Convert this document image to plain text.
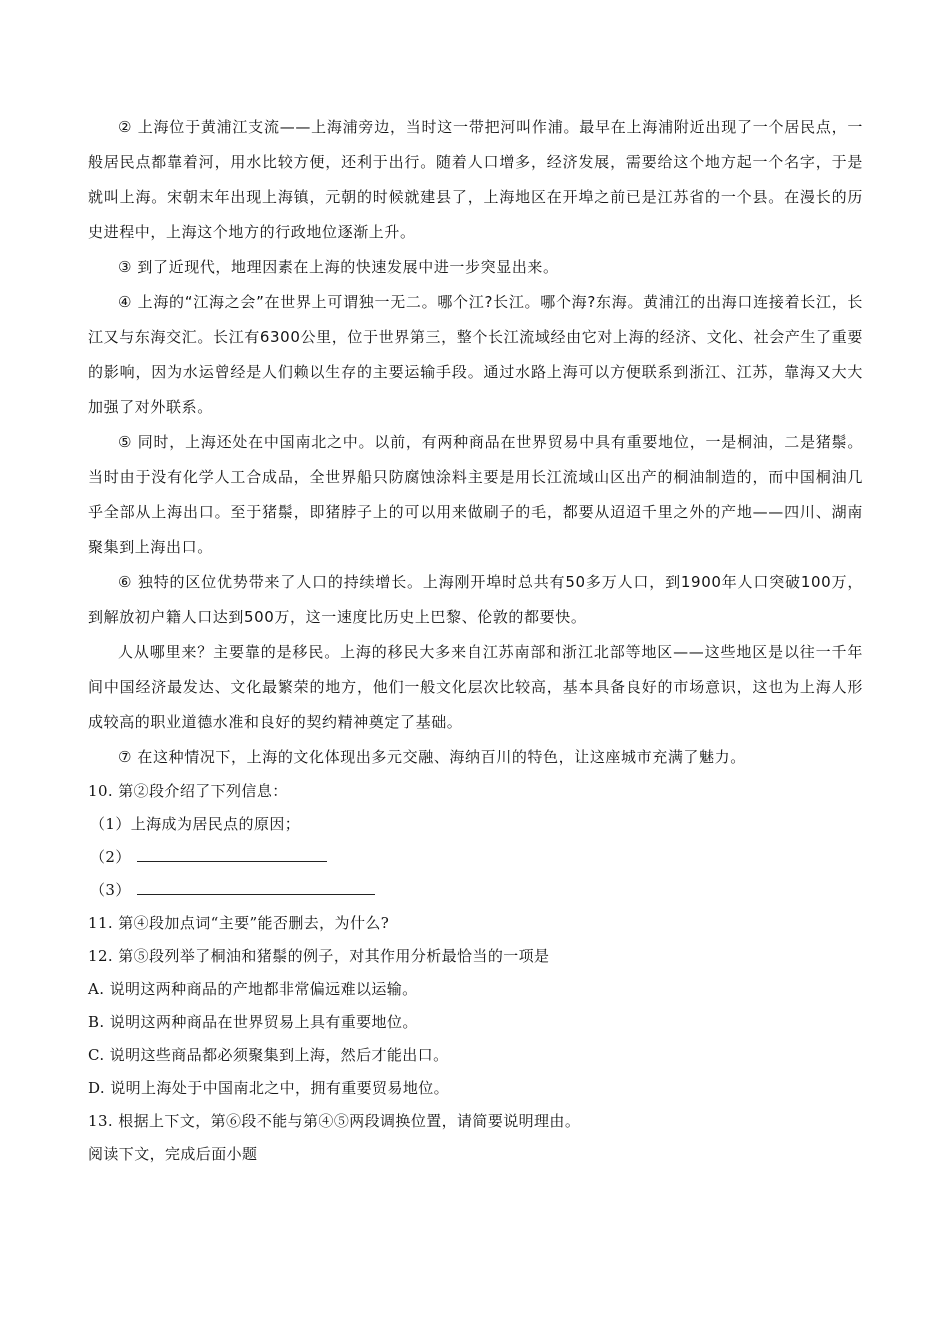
② 上海位于黄浦江支流——上海浦旁边，当时这一带把河叫作浦。最早在上海浦附近出现了一个居民点，一般居民点都靠着河，用水比较方便，还利于出行。随着人口增多，经济发展，需要给这个地方起一个名字，于是就叫上海。宋朝末年出现上海镇，元朝的时候就建县了，上海地区在开埠之前已是江苏省的一个县。在漫长的历史进程中，上海这个地方的行政地位逐渐上升。

③ 到了近现代，地理因素在上海的快速发展中进一步突显出来。

④ 上海的“江海之会”在世界上可谓独一无二。哪个江?长江。哪个海?东海。黄浦江的出海口连接着长江，长江又与东海交汇。长江有6300公里，位于世界第三，整个长江流域经由它对上海的经济、文化、社会产生了重要的影响，因为水运曾经是人们赖以生存的主要运输手段。通过水路上海可以方便联系到浙江、江苏，靠海又大大加强了对外联系。

⑤ 同时，上海还处在中国南北之中。以前，有两种商品在世界贸易中具有重要地位，一是桐油，二是猪鬃。当时由于没有化学人工合成品，全世界船只防腐蚀涂料主要是用长江流域山区出产的桐油制造的，而中国桐油几乎全部从上海出口。至于猪鬃，即猪脖子上的可以用来做刷子的毛，都要从迢迢千里之外的产地——四川、湖南聚集到上海出口。

⑥ 独特的区位优势带来了人口的持续增长。上海刚开埠时总共有50多万人口，到1900年人口突破100万，到解放初户籍人口达到500万，这一速度比历史上巴黎、伦敦的都要快。

人从哪里来？主要靠的是移民。上海的移民大多来自江苏南部和浙江北部等地区——这些地区是以往一千年间中国经济最发达、文化最繁荣的地方，他们一般文化层次比较高，基本具备良好的市场意识，这也为上海人形成较高的职业道德水准和良好的契约精神奠定了基础。

⑦ 在这种情况下，上海的文化体现出多元交融、海纳百川的特色，让这座城市充满了魅力。

10. 第②段介绍了下列信息：

（1）上海成为居民点的原因；

（2）

（3）

11. 第④段加点词“主要”能否删去，为什么?

12. 第⑤段列举了桐油和猪鬃的例子，对其作用分析最恰当的一项是

A. 说明这两种商品的产地都非常偏远难以运输。

B. 说明这两种商品在世界贸易上具有重要地位。

C. 说明这些商品都必须聚集到上海，然后才能出口。

D. 说明上海处于中国南北之中，拥有重要贸易地位。

13. 根据上下文，第⑥段不能与第④⑤两段调换位置，请简要说明理由。

阅读下文，完成后面小题
